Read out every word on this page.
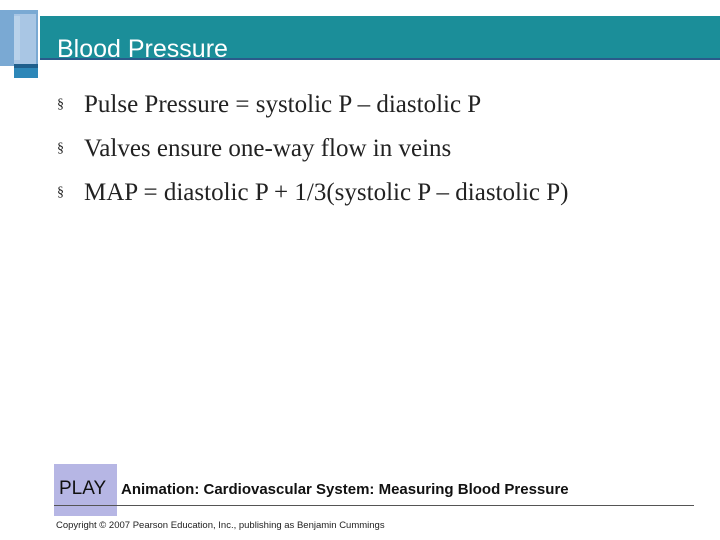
Blood Pressure
§ Pulse Pressure = systolic P – diastolic P
§ Valves ensure one-way flow in veins
§ MAP = diastolic P + 1/3(systolic P – diastolic P)
PLAY Animation: Cardiovascular System: Measuring Blood Pressure
Copyright © 2007 Pearson Education, Inc., publishing as Benjamin Cummings
